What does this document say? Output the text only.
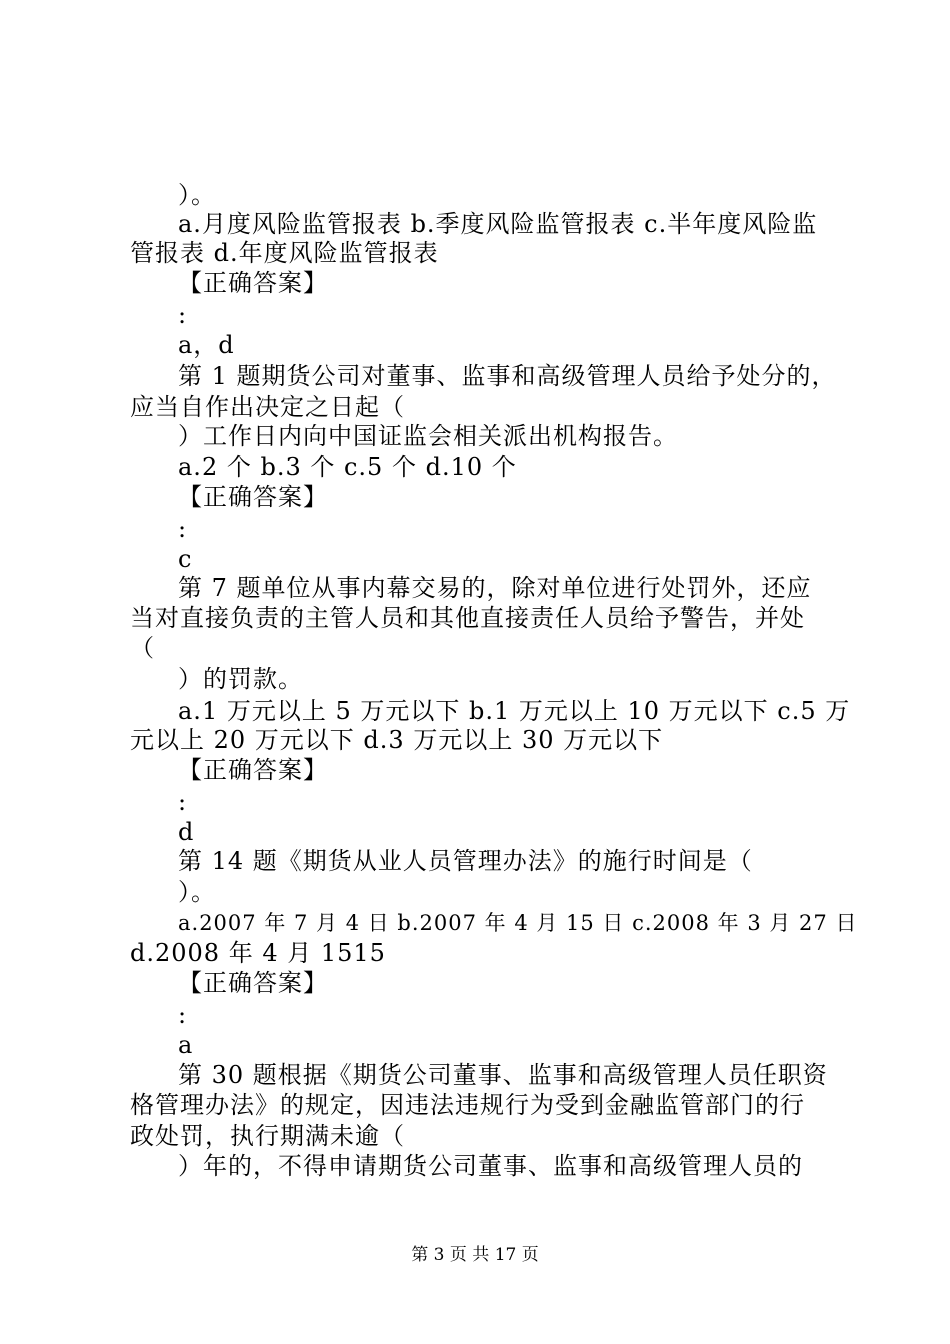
）。
a.月度风险监管报表 b.季度风险监管报表 c.半年度风险监
管报表 d.年度风险监管报表
【正确答案】
:
a，d
第 1 题期货公司对董事、监事和高级管理人员给予处分的，
应当自作出决定之日起（
）工作日内向中国证监会相关派出机构报告。
a.2 个 b.3 个 c.5 个 d.10 个
【正确答案】
:
c
第 7 题单位从事内幕交易的，除对单位进行处罚外，还应
当对直接负责的主管人员和其他直接责任人员给予警告，并处
（
）的罚款。
a.1 万元以上 5 万元以下 b.1 万元以上 10 万元以下 c.5 万
元以上 20 万元以下 d.3 万元以上 30 万元以下
【正确答案】
:
d
第 14 题《期货从业人员管理办法》的施行时间是（
）。
a.2007 年 7 月 4 日 b.2007 年 4 月 15 日 c.2008 年 3 月 27 日
d.2008 年 4 月 1515
【正确答案】
:
a
第 30 题根据《期货公司董事、监事和高级管理人员任职资
格管理办法》的规定，因违法违规行为受到金融监管部门的行
政处罚，执行期满未逾（
）年的，不得申请期货公司董事、监事和高级管理人员的
第 3 页 共 17 页
